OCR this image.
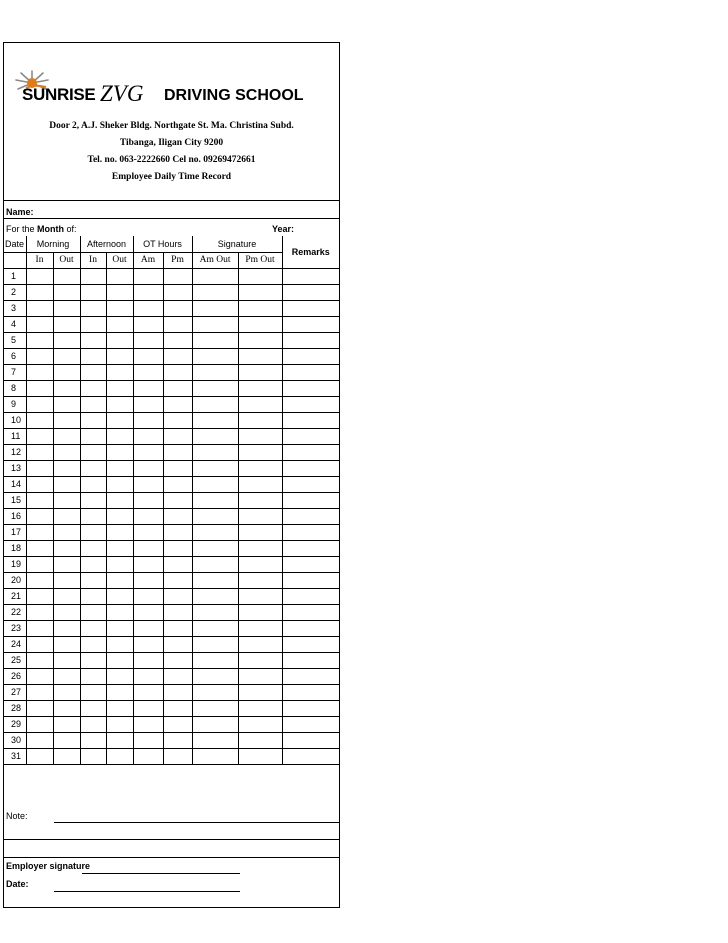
SUNRISE ZVG DRIVING SCHOOL
Door 2, A.J. Sheker Bldg. Northgate St. Ma. Christina Subd.
Tibanga, Iligan City 9200
Tel. no. 063-2222660 Cel no. 09269472661
Employee Daily Time Record
Name:
For the Month of:	Year:
Date	Morning		Afternoon		OT Hours		Signature		Remarks
	In	Out	In	Out	Am	Pm	Am Out	Pm Out	
1									
2									
3									
4									
5									
6									
7									
8									
9									
10									
11									
12									
13									
14									
15									
16									
17									
18									
19									
20									
21									
22									
23									
24									
25									
26									
27									
28									
29									
30									
31									
Note:
Employer signature
Date:
